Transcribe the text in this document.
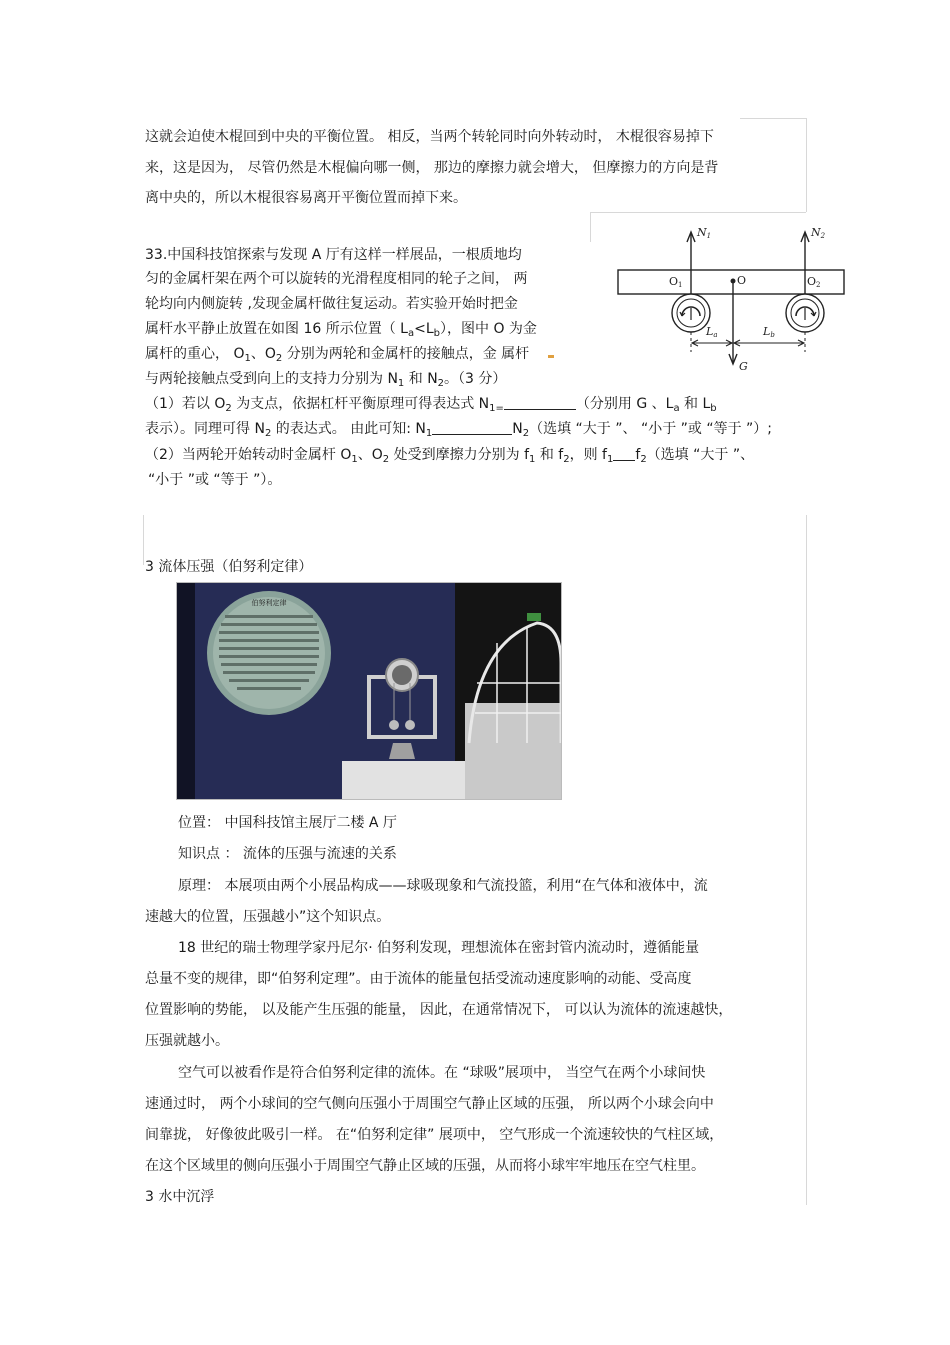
这就会迫使木棍回到中央的平衡位置。 相反，当两个转轮同时向外转动时， 木棍很容易掉下
来，这是因为， 尽管仍然是木棍偏向哪一侧， 那边的摩擦力就会增大， 但摩擦力的方向是背
离中央的，所以木棍很容易离开平衡位置而掉下来。
33.中国科技馆探索与发现 A 厅有这样一样展品，一根质地均
匀的金属杆架在两个可以旋转的光滑程度相同的轮子之间， 两
轮均向内侧旋转 ,发现金属杆做往复运动。若实验开始时把金
属杆水平静止放置在如图 16 所示位置（ $L_a<L_b$），图中 O 为金
属杆的重心， $O_1$、$O_2$ 分别为两轮和金属杆的接触点，金 属杆
与两轮接触点受到向上的支持力分别为 $N_1$ 和 $N_2$。（3 分）
（1）若以 $O_2$ 为支点，依据杠杆平衡原理可得表达式 $N_{1=}$	（分别用 G 、$L_a$ 和 $L_b$
表示）。同理可得 $N_2$ 的表达式。 由此可知: $N_1$	$N_2$（选填 “大于 ”、 “小于 ”或 “等于 ”）;
（2）当两轮开始转动时金属杆 $O_1$、$O_2$ 处受到摩擦力分别为 $f_1$ 和 $f_2$，则 $f_1$ $f_2$（选填 “大于 ”、
“小于 ”或 “等于 ”）。
N1	N2
O1	O	O2
La	Lb
G
3 流体压强（伯努利定律）
伯努利定律
位置： 中国科技馆主展厅二楼 A 厅
知识点 ： 流体的压强与流速的关系
原理： 本展项由两个小展品构成——球吸现象和气流投篮，利用“在气体和液体中，流
速越大的位置，压强越小”这个知识点。
18 世纪的瑞士物理学家丹尼尔· 伯努利发现，理想流体在密封管内流动时，遵循能量
总量不变的规律，即“伯努利定理”。由于流体的能量包括受流动速度影响的动能、受高度
位置影响的势能， 以及能产生压强的能量， 因此，在通常情况下， 可以认为流体的流速越快，
压强就越小。
空气可以被看作是符合伯努利定律的流体。在 “球吸”展项中， 当空气在两个小球间快
速通过时， 两个小球间的空气侧向压强小于周围空气静止区域的压强， 所以两个小球会向中
间靠拢， 好像彼此吸引一样。 在“伯努利定律” 展项中， 空气形成一个流速较快的气柱区域，
在这个区域里的侧向压强小于周围空气静止区域的压强，从而将小球牢牢地压在空气柱里。
3 水中沉浮
